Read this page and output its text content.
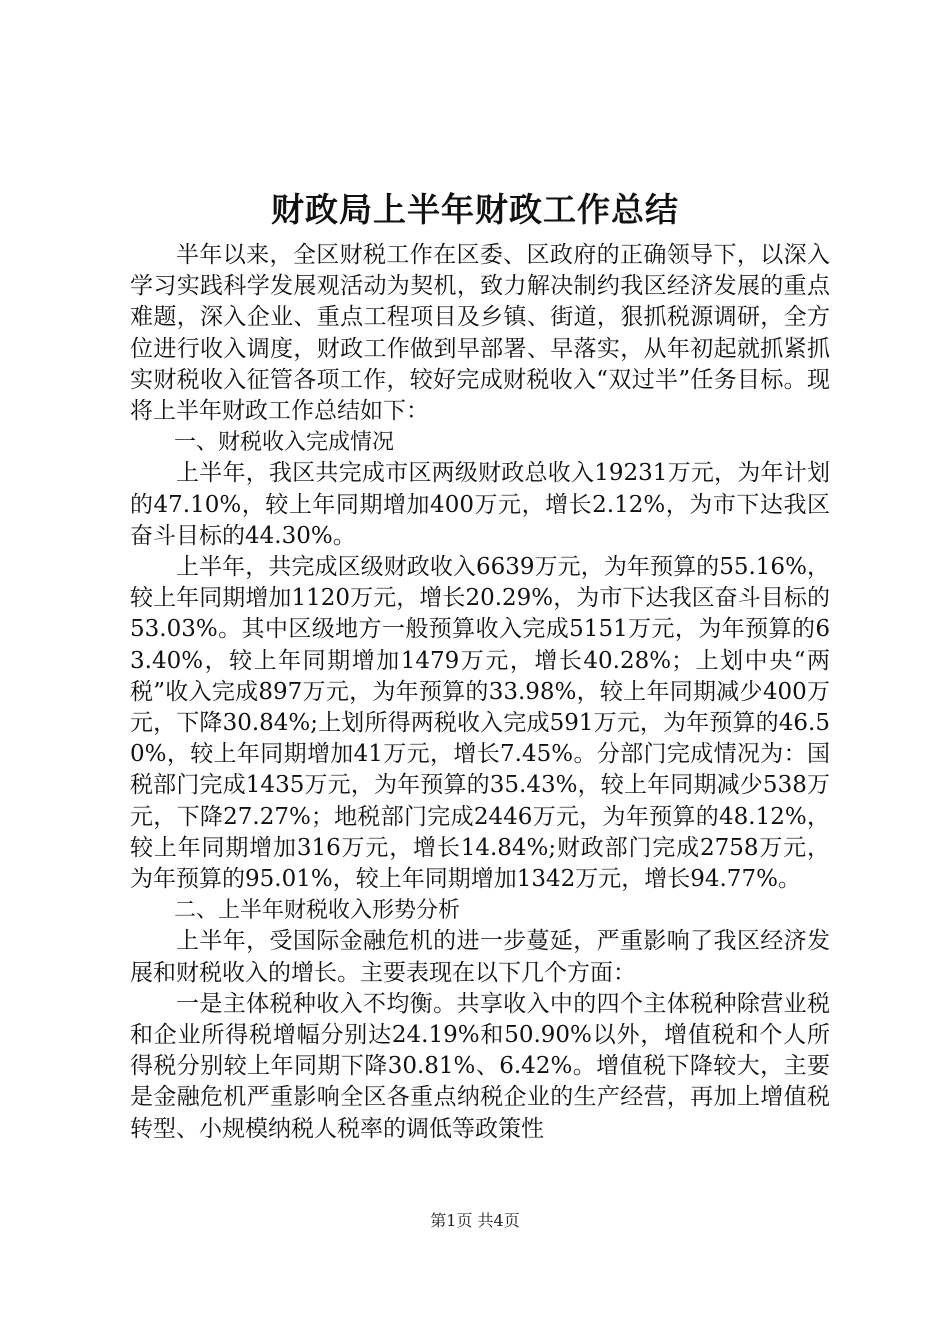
财政局上半年财政工作总结

半年以来，全区财税工作在区委、区政府的正确领导下，以深入学习实践科学发展观活动为契机，致力解决制约我区经济发展的重点难题，深入企业、重点工程项目及乡镇、街道，狠抓税源调研，全方位进行收入调度，财政工作做到早部署、早落实，从年初起就抓紧抓实财税收入征管各项工作，较好完成财税收入“双过半”任务目标。现将上半年财政工作总结如下：

一、财税收入完成情况

上半年，我区共完成市区两级财政总收入19231万元，为年计划的47.10%，较上年同期增加400万元，增长2.12%，为市下达我区奋斗目标的44.30%。

上半年，共完成区级财政收入6639万元，为年预算的55.16%，较上年同期增加1120万元，增长20.29%，为市下达我区奋斗目标的53.03%。其中区级地方一般预算收入完成5151万元，为年预算的63.40%，较上年同期增加1479万元，增长40.28%；上划中央“两税”收入完成897万元，为年预算的33.98%，较上年同期减少400万元，下降30.84%;上划所得两税收入完成591万元，为年预算的46.50%，较上年同期增加41万元，增长7.45%。分部门完成情况为：国税部门完成1435万元，为年预算的35.43%，较上年同期减少538万元，下降27.27%；地税部门完成2446万元，为年预算的48.12%，较上年同期增加316万元，增长14.84%;财政部门完成2758万元，为年预算的95.01%，较上年同期增加1342万元，增长94.77%。

二、上半年财税收入形势分析

上半年，受国际金融危机的进一步蔓延，严重影响了我区经济发展和财税收入的增长。主要表现在以下几个方面：

一是主体税种收入不均衡。共享收入中的四个主体税种除营业税和企业所得税增幅分别达24.19%和50.90%以外，增值税和个人所得税分别较上年同期下降30.81%、6.42%。增值税下降较大，主要是金融危机严重影响全区各重点纳税企业的生产经营，再加上增值税转型、小规模纳税人税率的调低等政策性

第1页 共4页
